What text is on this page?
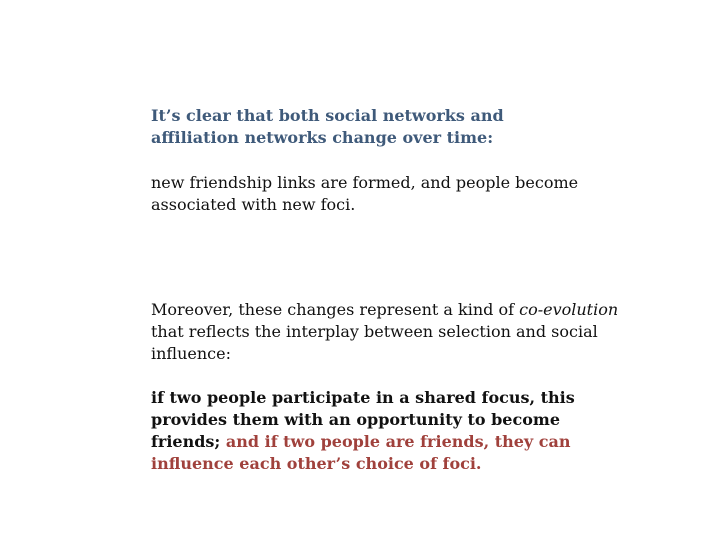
It’s clear that both social networks and
affiliation networks change over time:

new friendship links are formed, and people become
associated with new foci.

Moreover, these changes represent a kind of co-evolution that reflects the interplay between selection and social influence:

if two people participate in a shared focus, this provides them with an opportunity to become friends; and if two people are friends, they can influence each other’s choice of foci.
